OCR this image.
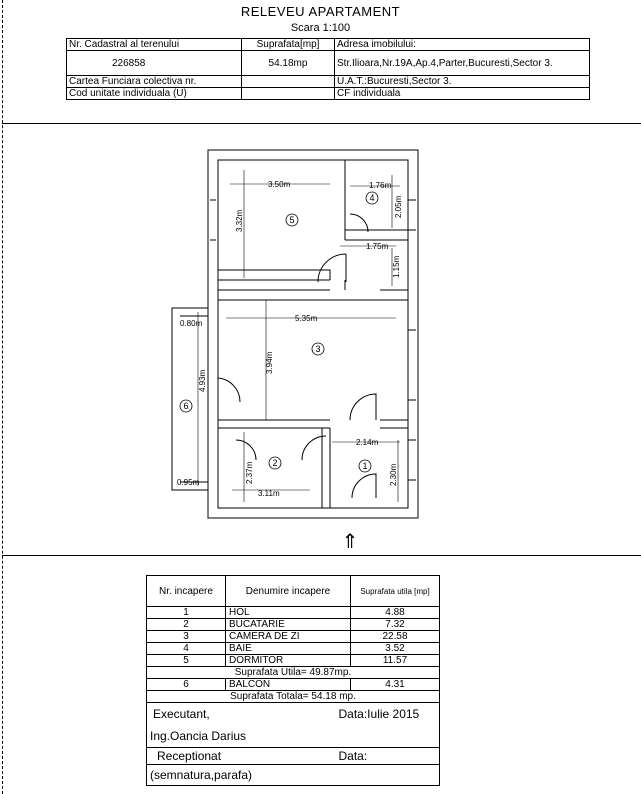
RELEVEU APARTAMENT
Scara 1:100
Nr. Cadastral al terenului	Suprafata[mp]	Adresa imobilului:
226858	54.18mp	Str.Ilioara,Nr.19A,Ap.4,Parter,Bucuresti,Sector 3.
Cartea Funciara colectiva nr.		U.A.T.:Bucuresti,Sector 3.
Cod unitate individuala (U)		CF individuala
5
4
3
2	1
6
3.50m	1.76m
3.32m
2.05m
1.75m
1.15m
0.80m
5.35m
4.93m
3.94m
2.14m
2.37m	2.30m
0.95m
3.11m
⇑
Nr. incapere	Denumire incapere	Suprafata utila [mp]
1	HOL	4.88
2	BUCATARIE	7.32
3	CAMERA DE ZI	22.58
4	BAIE	3.52
5	DORMITOR	11.57
Suprafata Utila= 49.87mp.		
6	BALCON	4.31
Suprafata Totala= 54.18 mp.		
Executant, Data:Iulie 2015		

Ing.Oancia Darius		
Receptionat Data:		

(semnatura,parafa)		
